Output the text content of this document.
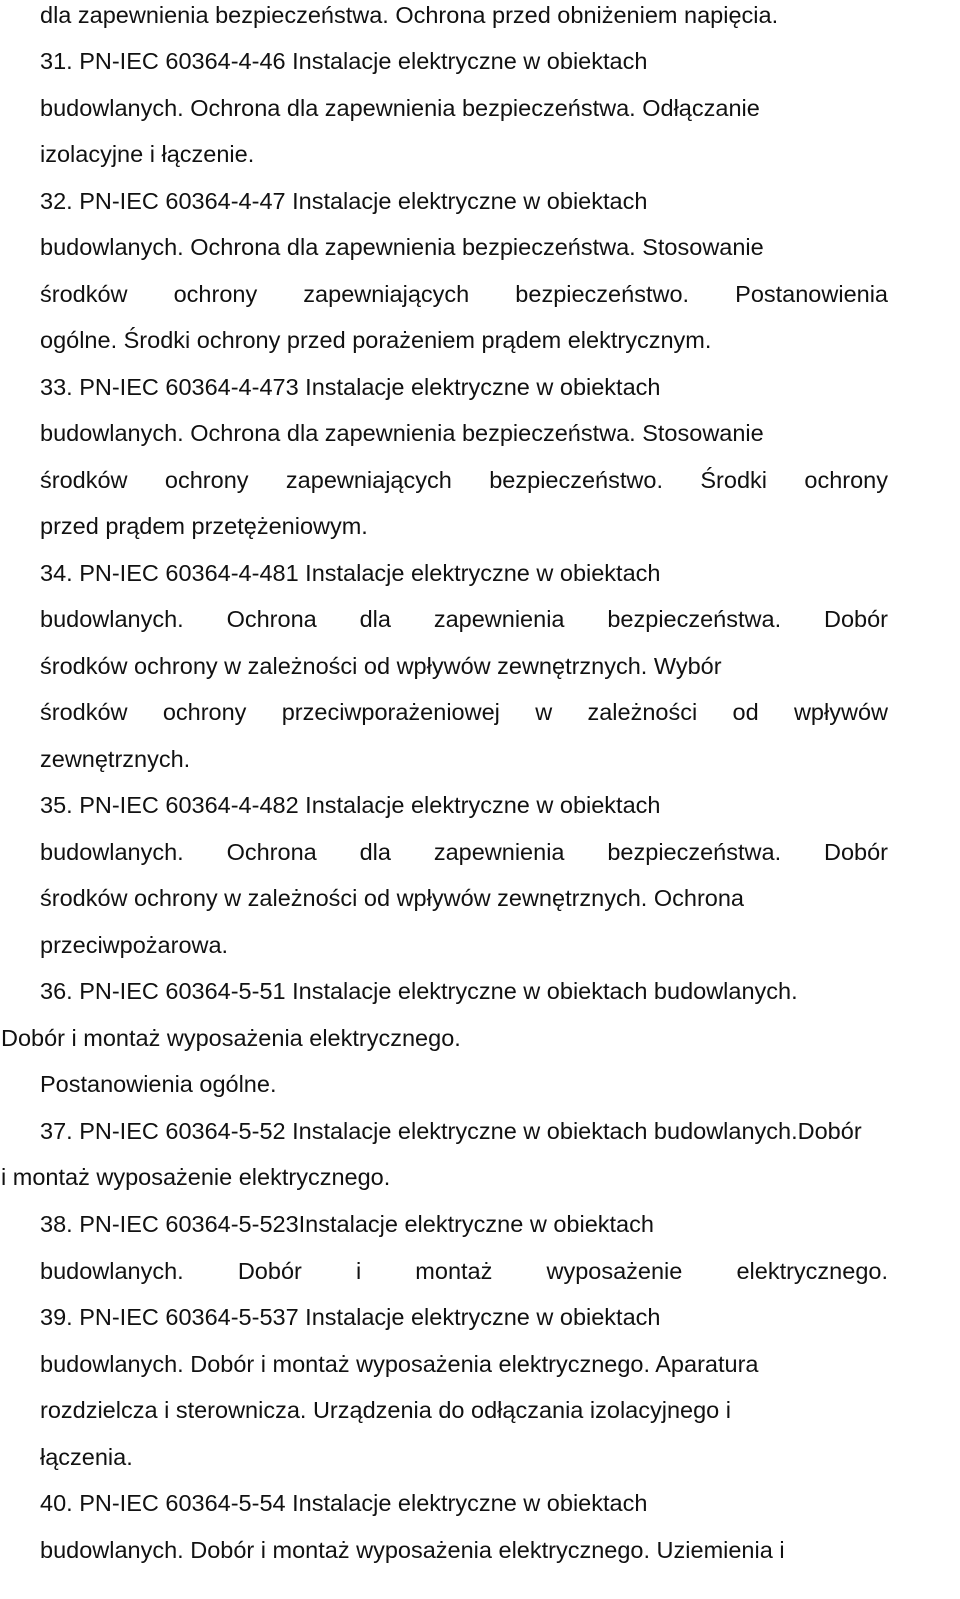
dla zapewnienia bezpieczeństwa. Ochrona przed obniżeniem napięcia.
31. PN-IEC 60364-4-46 Instalacje elektryczne w obiektach
budowlanych. Ochrona dla zapewnienia bezpieczeństwa. Odłączanie
izolacyjne i łączenie.
32. PN-IEC 60364-4-47 Instalacje elektryczne w obiektach
budowlanych. Ochrona dla zapewnienia bezpieczeństwa. Stosowanie
środków ochrony zapewniających bezpieczeństwo. Postanowienia
ogólne. Środki ochrony przed porażeniem prądem elektrycznym.
33. PN-IEC 60364-4-473 Instalacje elektryczne w obiektach
budowlanych. Ochrona dla zapewnienia bezpieczeństwa. Stosowanie
środków ochrony zapewniających bezpieczeństwo. Środki ochrony
przed prądem przetężeniowym.
34. PN-IEC 60364-4-481 Instalacje elektryczne w obiektach
budowlanych. Ochrona dla zapewnienia bezpieczeństwa. Dobór
środków ochrony w zależności od wpływów zewnętrznych. Wybór
środków ochrony przeciwporażeniowej w zależności od wpływów
zewnętrznych.
35. PN-IEC 60364-4-482 Instalacje elektryczne w obiektach
budowlanych. Ochrona dla zapewnienia bezpieczeństwa. Dobór
środków ochrony w zależności od wpływów zewnętrznych. Ochrona
przeciwpożarowa.
36. PN-IEC 60364-5-51 Instalacje elektryczne w obiektach budowlanych.
Dobór i montaż wyposażenia elektrycznego.
Postanowienia ogólne.
37. PN-IEC 60364-5-52 Instalacje elektryczne w obiektach budowlanych.Dobór
i montaż wyposażenie elektrycznego.
38. PN-IEC 60364-5-523Instalacje elektryczne w obiektach
budowlanych. Dobór i montaż wyposażenie elektrycznego.
39. PN-IEC 60364-5-537 Instalacje elektryczne w obiektach
budowlanych. Dobór i montaż wyposażenia elektrycznego. Aparatura
rozdzielcza i sterownicza. Urządzenia do odłączania izolacyjnego i
łączenia.
40. PN-IEC 60364-5-54 Instalacje elektryczne w obiektach
budowlanych. Dobór i montaż wyposażenia elektrycznego. Uziemienia i
